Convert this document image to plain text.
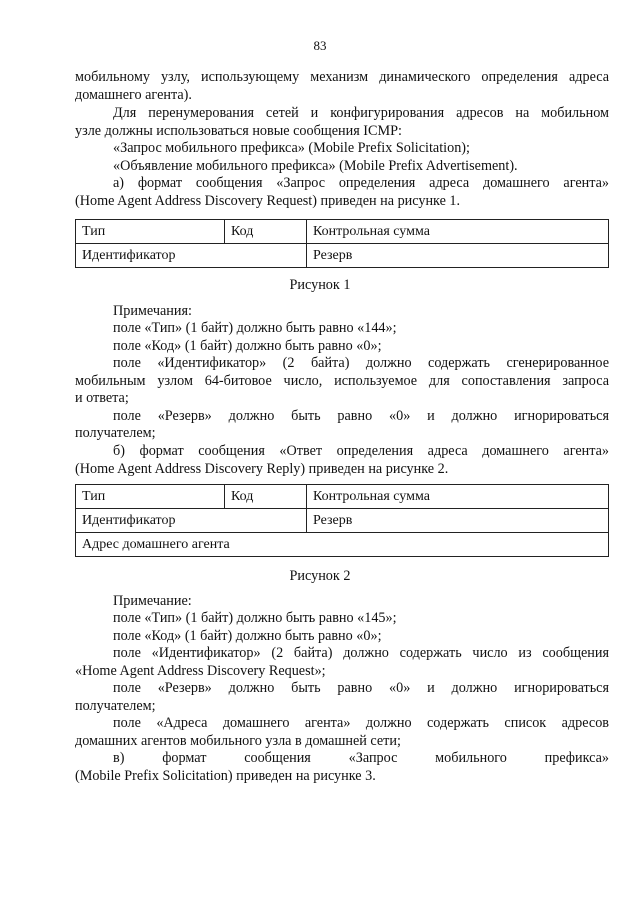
83
мобильному узлу, использующему механизм динамического определения адреса
домашнего агента).
Для перенумерования сетей и конфигурирования адресов на мобильном
узле должны использоваться новые сообщения ICMP:
«Запрос мобильного префикса» (Mobile Prefix Solicitation);
«Объявление мобильного префикса» (Mobile Prefix Advertisement).
а) формат сообщения «Запрос определения адреса домашнего агента»
(Home Agent Address Discovery Request) приведен на рисунке 1.
Тип	Код	Контрольная сумма
Идентификатор		Резерв
Рисунок 1
Примечания:
поле «Тип» (1 байт) должно быть равно «144»;
поле «Код» (1 байт) должно быть равно «0»;
поле «Идентификатор» (2 байта) должно содержать сгенерированное
мобильным узлом 64-битовое число, используемое для сопоставления запроса
и ответа;
поле «Резерв» должно быть равно «0» и должно игнорироваться
получателем;
б) формат сообщения «Ответ определения адреса домашнего агента»
(Home Agent Address Discovery Reply) приведен на рисунке 2.
Тип	Код	Контрольная сумма
Идентификатор		Резерв
Адрес домашнего агента		
Рисунок 2
Примечание:
поле «Тип» (1 байт) должно быть равно «145»;
поле «Код» (1 байт) должно быть равно «0»;
поле «Идентификатор» (2 байта) должно содержать число из сообщения
«Home Agent Address Discovery Request»;
поле «Резерв» должно быть равно «0» и должно игнорироваться
получателем;
поле «Адреса домашнего агента» должно содержать список адресов
домашних агентов мобильного узла в домашней сети;
в) формат сообщения «Запрос мобильного префикса»
(Mobile Prefix Solicitation) приведен на рисунке 3.
